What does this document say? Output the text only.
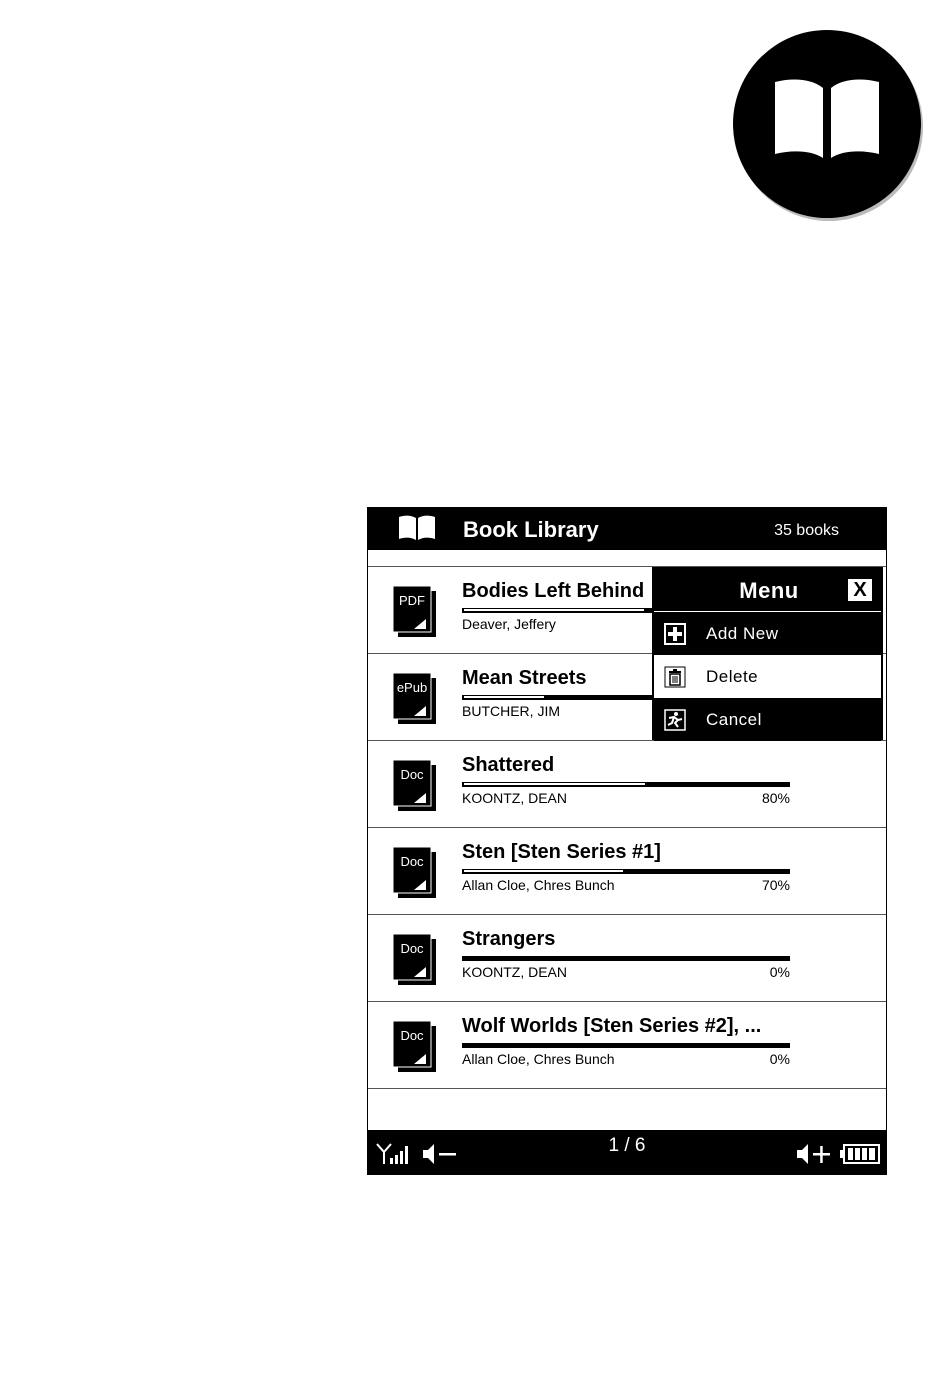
Book Library	35 books
PDF Bodies Left Behind
Deaver, Jeffery
ePub Mean Streets
BUTCHER, JIM
Doc Shattered
KOONTZ, DEAN	80%
Doc Sten [Sten Series #1]
Allan Cloe, Chres Bunch	70%
Doc Strangers
KOONTZ, DEAN	0%
Doc Wolf Worlds [Sten Series #2], ...
Allan Cloe, Chres Bunch	0%
Menu	X
Add New
Delete
Cancel
1 / 6
